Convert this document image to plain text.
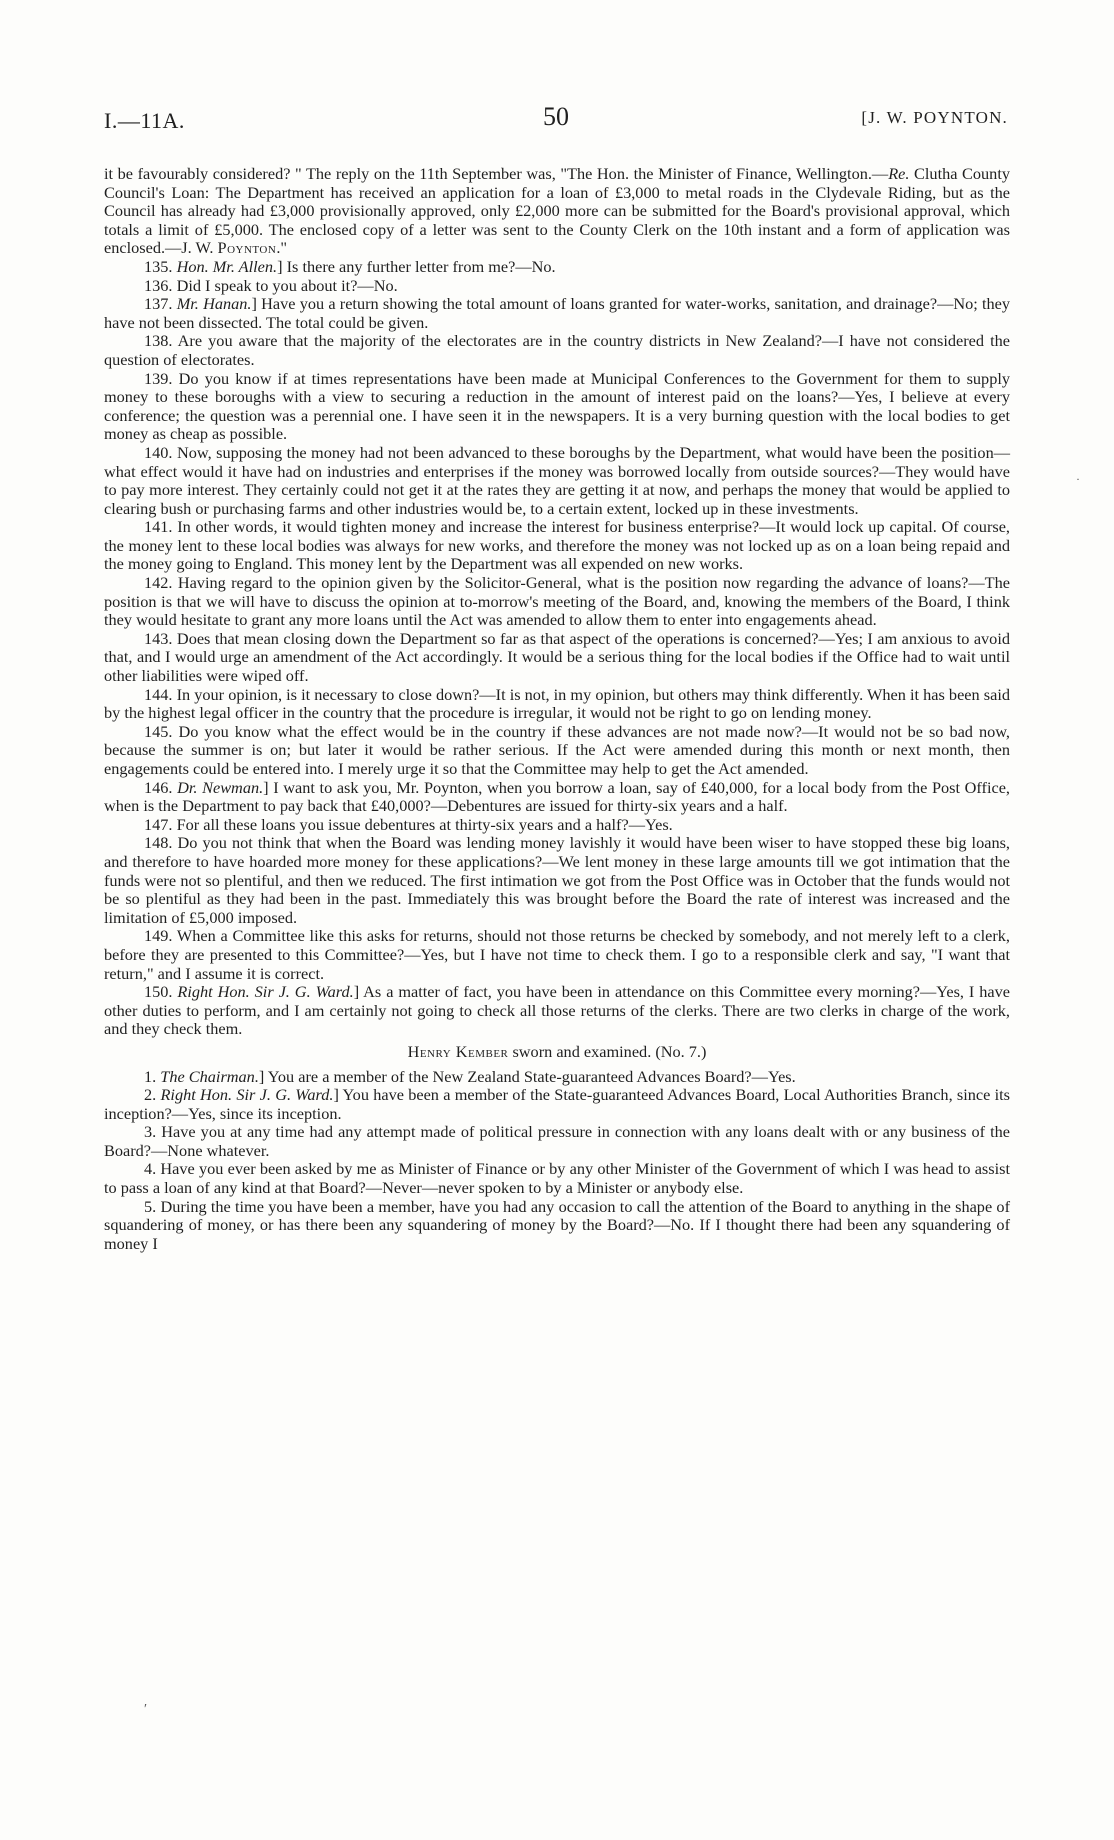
I.—11A.	50	[J. W. POYNTON.

it be favourably considered? " The reply on the 11th September was, "The Hon. the Minister of Finance, Wellington.—Re. Clutha County Council's Loan: The Department has received an application for a loan of £3,000 to metal roads in the Clydevale Riding, but as the Council has already had £3,000 provisionally approved, only £2,000 more can be submitted for the Board's provisional approval, which totals a limit of £5,000. The enclosed copy of a letter was sent to the County Clerk on the 10th instant and a form of application was enclosed.—J. W. Poynton."

135. Hon. Mr. Allen.] Is there any further letter from me?—No.

136. Did I speak to you about it?—No.

137. Mr. Hanan.] Have you a return showing the total amount of loans granted for water-works, sanitation, and drainage?—No; they have not been dissected. The total could be given.

138. Are you aware that the majority of the electorates are in the country districts in New Zealand?—I have not considered the question of electorates.

139. Do you know if at times representations have been made at Municipal Conferences to the Government for them to supply money to these boroughs with a view to securing a reduction in the amount of interest paid on the loans?—Yes, I believe at every conference; the question was a perennial one. I have seen it in the newspapers. It is a very burning question with the local bodies to get money as cheap as possible.

140. Now, supposing the money had not been advanced to these boroughs by the Department, what would have been the position—what effect would it have had on industries and enterprises if the money was borrowed locally from outside sources?—They would have to pay more interest. They certainly could not get it at the rates they are getting it at now, and perhaps the money that would be applied to clearing bush or purchasing farms and other industries would be, to a certain extent, locked up in these investments.

141. In other words, it would tighten money and increase the interest for business enterprise?—It would lock up capital. Of course, the money lent to these local bodies was always for new works, and therefore the money was not locked up as on a loan being repaid and the money going to England. This money lent by the Department was all expended on new works.

142. Having regard to the opinion given by the Solicitor-General, what is the position now regarding the advance of loans?—The position is that we will have to discuss the opinion at to-morrow's meeting of the Board, and, knowing the members of the Board, I think they would hesitate to grant any more loans until the Act was amended to allow them to enter into engagements ahead.

143. Does that mean closing down the Department so far as that aspect of the operations is concerned?—Yes; I am anxious to avoid that, and I would urge an amendment of the Act accordingly. It would be a serious thing for the local bodies if the Office had to wait until other liabilities were wiped off.

144. In your opinion, is it necessary to close down?—It is not, in my opinion, but others may think differently. When it has been said by the highest legal officer in the country that the procedure is irregular, it would not be right to go on lending money.

145. Do you know what the effect would be in the country if these advances are not made now?—It would not be so bad now, because the summer is on; but later it would be rather serious. If the Act were amended during this month or next month, then engagements could be entered into. I merely urge it so that the Committee may help to get the Act amended.

146. Dr. Newman.] I want to ask you, Mr. Poynton, when you borrow a loan, say of £40,000, for a local body from the Post Office, when is the Department to pay back that £40,000?—Debentures are issued for thirty-six years and a half.

147. For all these loans you issue debentures at thirty-six years and a half?—Yes.

148. Do you not think that when the Board was lending money lavishly it would have been wiser to have stopped these big loans, and therefore to have hoarded more money for these applications?—We lent money in these large amounts till we got intimation that the funds were not so plentiful, and then we reduced. The first intimation we got from the Post Office was in October that the funds would not be so plentiful as they had been in the past. Immediately this was brought before the Board the rate of interest was increased and the limitation of £5,000 imposed.

149. When a Committee like this asks for returns, should not those returns be checked by somebody, and not merely left to a clerk, before they are presented to this Committee?—Yes, but I have not time to check them. I go to a responsible clerk and say, "I want that return," and I assume it is correct.

150. Right Hon. Sir J. G. Ward.] As a matter of fact, you have been in attendance on this Committee every morning?—Yes, I have other duties to perform, and I am certainly not going to check all those returns of the clerks. There are two clerks in charge of the work, and they check them.

Henry Kember sworn and examined. (No. 7.)

1. The Chairman.] You are a member of the New Zealand State-guaranteed Advances Board?—Yes.

2. Right Hon. Sir J. G. Ward.] You have been a member of the State-guaranteed Advances Board, Local Authorities Branch, since its inception?—Yes, since its inception.

3. Have you at any time had any attempt made of political pressure in connection with any loans dealt with or any business of the Board?—None whatever.

4. Have you ever been asked by me as Minister of Finance or by any other Minister of the Government of which I was head to assist to pass a loan of any kind at that Board?—Never—never spoken to by a Minister or anybody else.

5. During the time you have been a member, have you had any occasion to call the attention of the Board to anything in the shape of squandering of money, or has there been any squandering of money by the Board?—No. If I thought there had been any squandering of money I

·
′
